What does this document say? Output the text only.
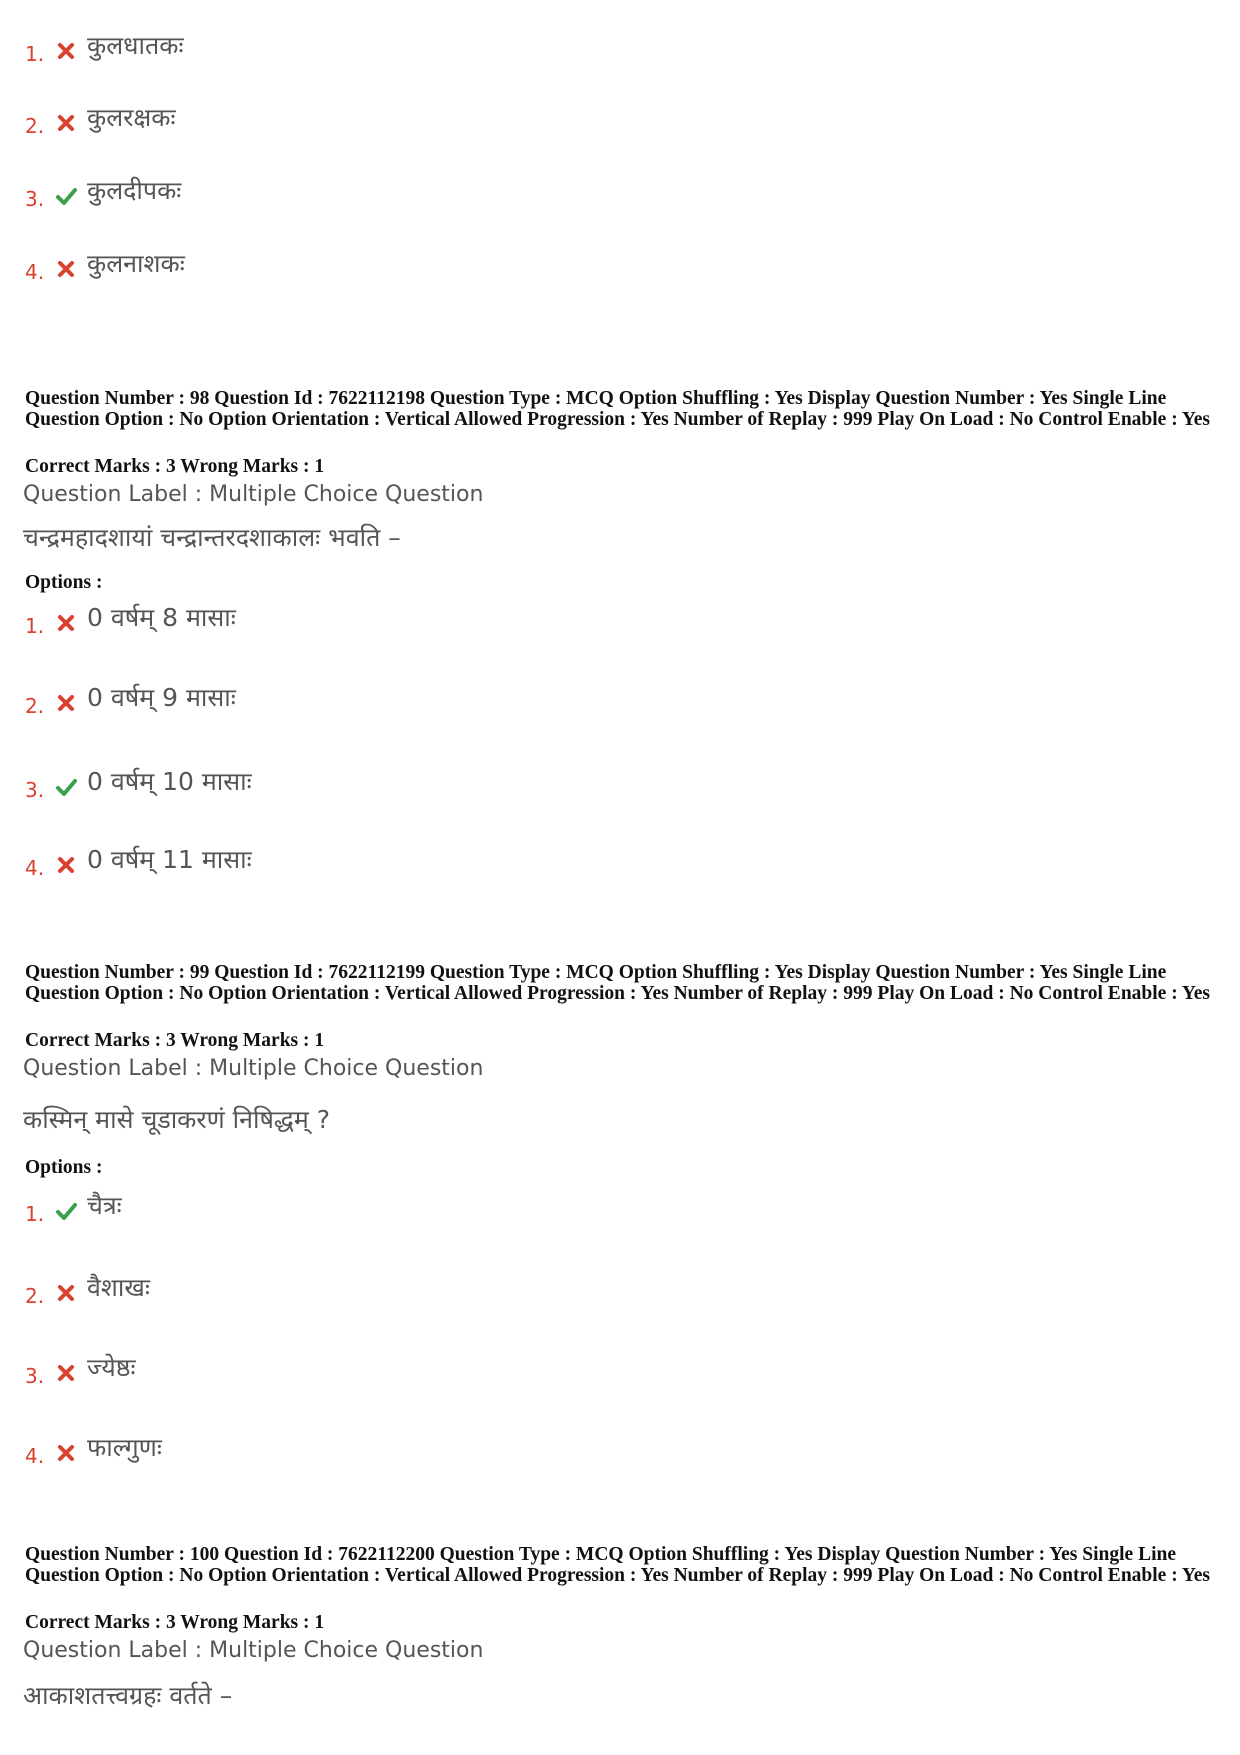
1. कुलधातकः
2. कुलरक्षकः
3. कुलदीपकः
4. कुलनाशकः
Question Number : 98 Question Id : 7622112198 Question Type : MCQ Option Shuffling : Yes Display Question Number : Yes Single Line Question Option : No Option Orientation : Vertical Allowed Progression : Yes Number of Replay : 999 Play On Load : No Control Enable : Yes
Correct Marks : 3 Wrong Marks : 1
Question Label : Multiple Choice Question
चन्द्रमहादशायां चन्द्रान्तरदशाकालः भवति –
Options :
1. 0 वर्षम् 8 मासाः
2. 0 वर्षम् 9 मासाः
3. 0 वर्षम् 10 मासाः
4. 0 वर्षम् 11 मासाः
Question Number : 99 Question Id : 7622112199 Question Type : MCQ Option Shuffling : Yes Display Question Number : Yes Single Line Question Option : No Option Orientation : Vertical Allowed Progression : Yes Number of Replay : 999 Play On Load : No Control Enable : Yes
Correct Marks : 3 Wrong Marks : 1
Question Label : Multiple Choice Question
कस्मिन् मासे चूडाकरणं निषिद्धम् ?
Options :
1. चैत्रः
2. वैशाखः
3. ज्येष्ठः
4. फाल्गुणः
Question Number : 100 Question Id : 7622112200 Question Type : MCQ Option Shuffling : Yes Display Question Number : Yes Single Line Question Option : No Option Orientation : Vertical Allowed Progression : Yes Number of Replay : 999 Play On Load : No Control Enable : Yes
Correct Marks : 3 Wrong Marks : 1
Question Label : Multiple Choice Question
आकाशतत्त्वग्रहः वर्तते –
